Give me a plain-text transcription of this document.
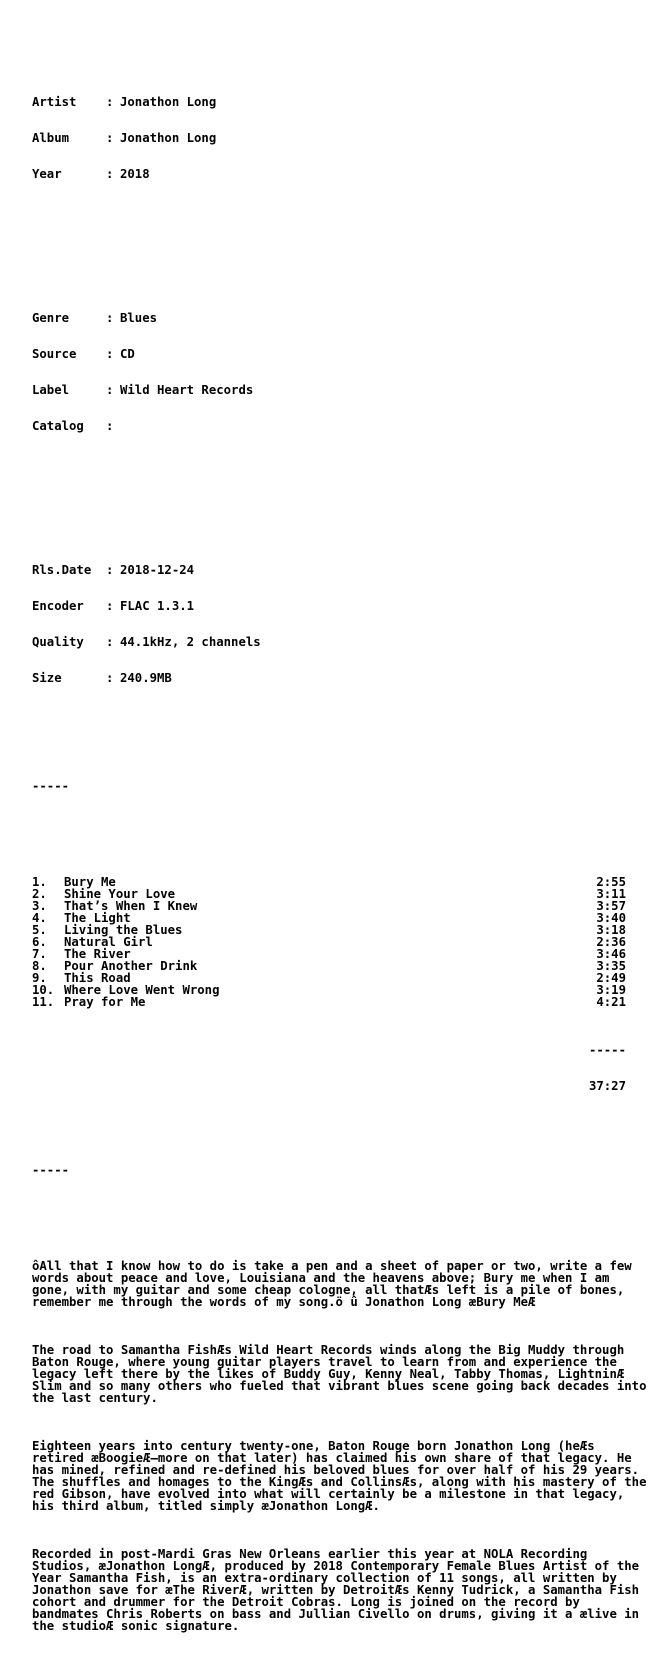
Artist	: Jonathon Long

Album	: Jonathon Long

Year	: 2018

Genre	: Blues

Source	: CD

Label	: Wild Heart Records

Catalog	:

Rls.Date	: 2018-12-24

Encoder	: FLAC 1.3.1

Quality	: 44.1kHz, 2 channels

Size	: 240.9MB

-----

1. Bury Me	2:55
2. Shine Your Love	3:11
3. That’s When I Knew	3:57
4. The Light	3:40
5. Living the Blues	3:18
6. Natural Girl	2:36
7. The River	3:46
8. Pour Another Drink	3:35
9. This Road	2:49
10. Where Love Went Wrong	3:19
11. Pray for Me	4:21

-----

37:27

-----

ôAll that I know how to do is take a pen and a sheet of paper or two, write a few words about peace and love, Louisiana and the heavens above; Bury me when I am gone, with my guitar and some cheap cologne, all thatÆs left is a pile of bones, remember me through the words of my song.ö û Jonathon Long æBury MeÆ

The road to Samantha FishÆs Wild Heart Records winds along the Big Muddy through Baton Rouge, where young guitar players travel to learn from and experience the legacy left there by the likes of Buddy Guy, Kenny Neal, Tabby Thomas, LightninÆ Slim and so many others who fueled that vibrant blues scene going back decades into the last century.

Eighteen years into century twenty-one, Baton Rouge born Jonathon Long (heÆs retired æBoogieÆ—more on that later) has claimed his own share of that legacy. He has mined, refined and re-defined his beloved blues for over half of his 29 years. The shuffles and homages to the KingÆs and CollinsÆs, along with his mastery of the red Gibson, have evolved into what will certainly be a milestone in that legacy, his third album, titled simply æJonathon LongÆ.

Recorded in post-Mardi Gras New Orleans earlier this year at NOLA Recording Studios, æJonathon LongÆ, produced by 2018 Contemporary Female Blues Artist of the Year Samantha Fish, is an extra-ordinary collection of 11 songs, all written by Jonathon save for æThe RiverÆ, written by DetroitÆs Kenny Tudrick, a Samantha Fish cohort and drummer for the Detroit Cobras. Long is joined on the record by bandmates Chris Roberts on bass and Jullian Civello on drums, giving it a ælive in the studioÆ sonic signature.
